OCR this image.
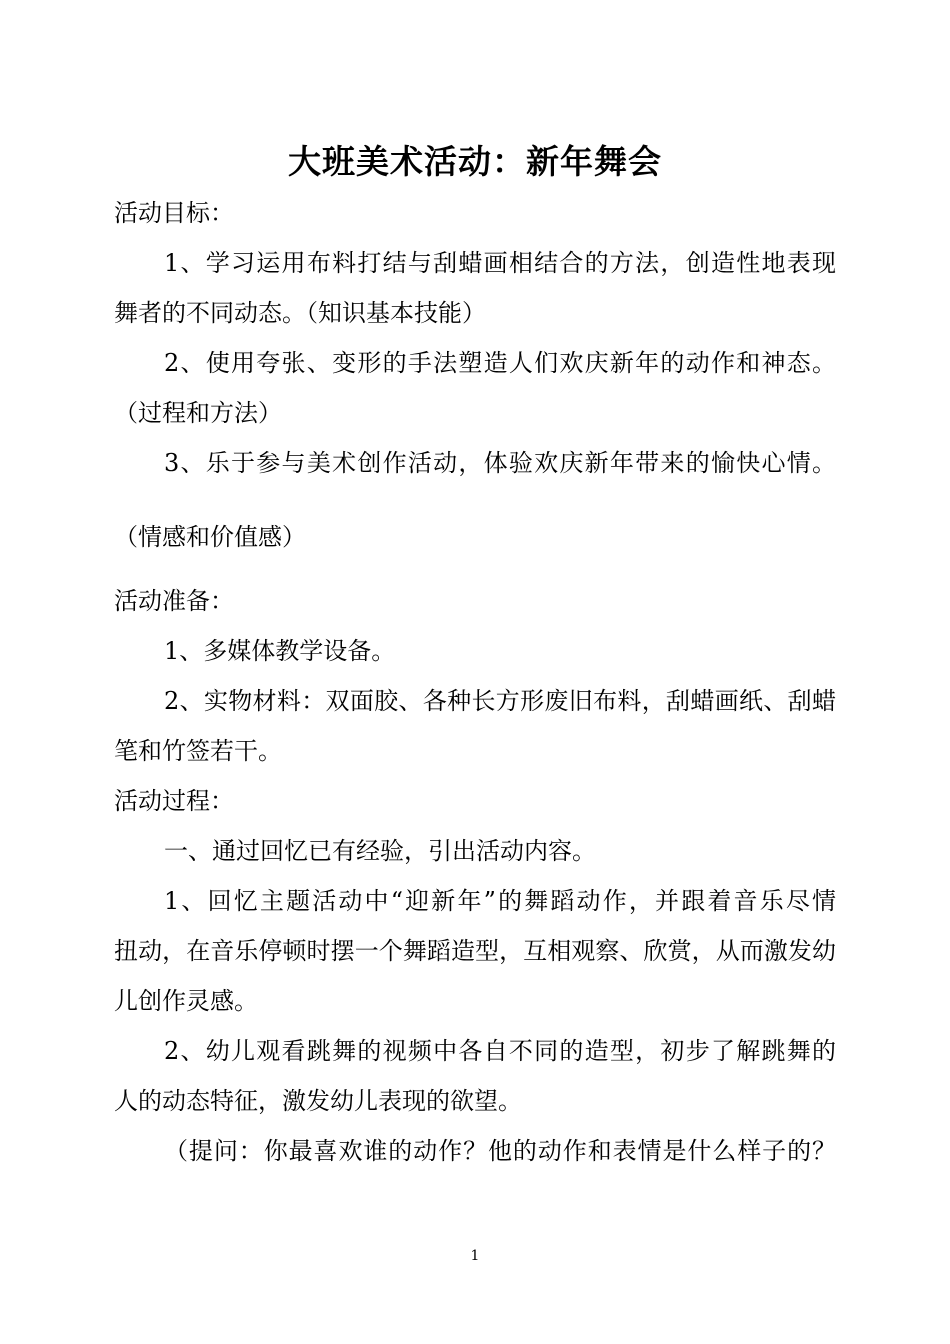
大班美术活动：新年舞会
活动目标：
1、学习运用布料打结与刮蜡画相结合的方法，创造性地表现
舞者的不同动态。（知识基本技能）
2、使用夸张、变形的手法塑造人们欢庆新年的动作和神态。
（过程和方法）
3、乐于参与美术创作活动，体验欢庆新年带来的愉快心情。
（情感和价值感）
活动准备：
1、多媒体教学设备。
2、实物材料：双面胶、各种长方形废旧布料，刮蜡画纸、刮蜡
笔和竹签若干。
活动过程：
一、通过回忆已有经验，引出活动内容。
1、回忆主题活动中“迎新年”的舞蹈动作，并跟着音乐尽情
扭动，在音乐停顿时摆一个舞蹈造型，互相观察、欣赏，从而激发幼
儿创作灵感。
2、幼儿观看跳舞的视频中各自不同的造型，初步了解跳舞的
人的动态特征，激发幼儿表现的欲望。
（提问：你最喜欢谁的动作？他的动作和表情是什么样子的？
1
